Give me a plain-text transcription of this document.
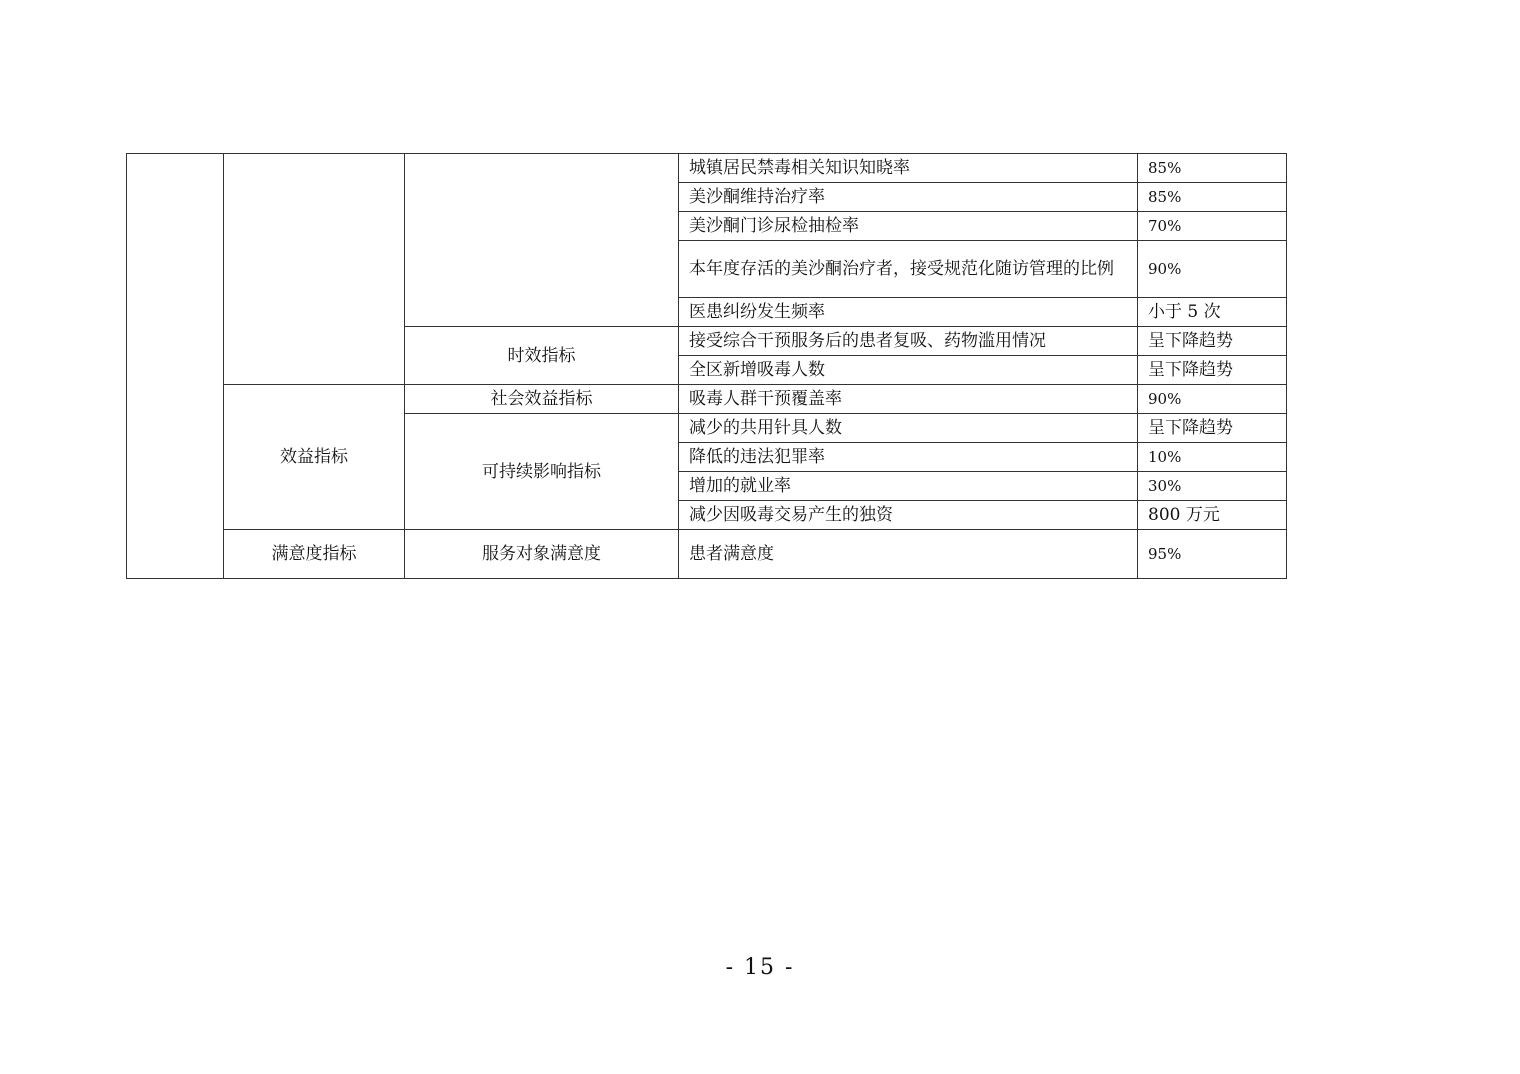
			城镇居民禁毒相关知识知晓率	85%
			美沙酮维持治疗率	85%
			美沙酮门诊尿检抽检率	70%
			本年度存活的美沙酮治疗者，接受规范化随访管理的比例	90%
			医患纠纷发生频率	小于 5 次
		时效指标	接受综合干预服务后的患者复吸、药物滥用情况	呈下降趋势
			全区新增吸毒人数	呈下降趋势
	效益指标	社会效益指标	吸毒人群干预覆盖率	90%
		可持续影响指标	减少的共用针具人数	呈下降趋势
			降低的违法犯罪率	10%
			增加的就业率	30%
			减少因吸毒交易产生的独资	800 万元
	满意度指标	服务对象满意度	患者满意度	95%
- 15 -
